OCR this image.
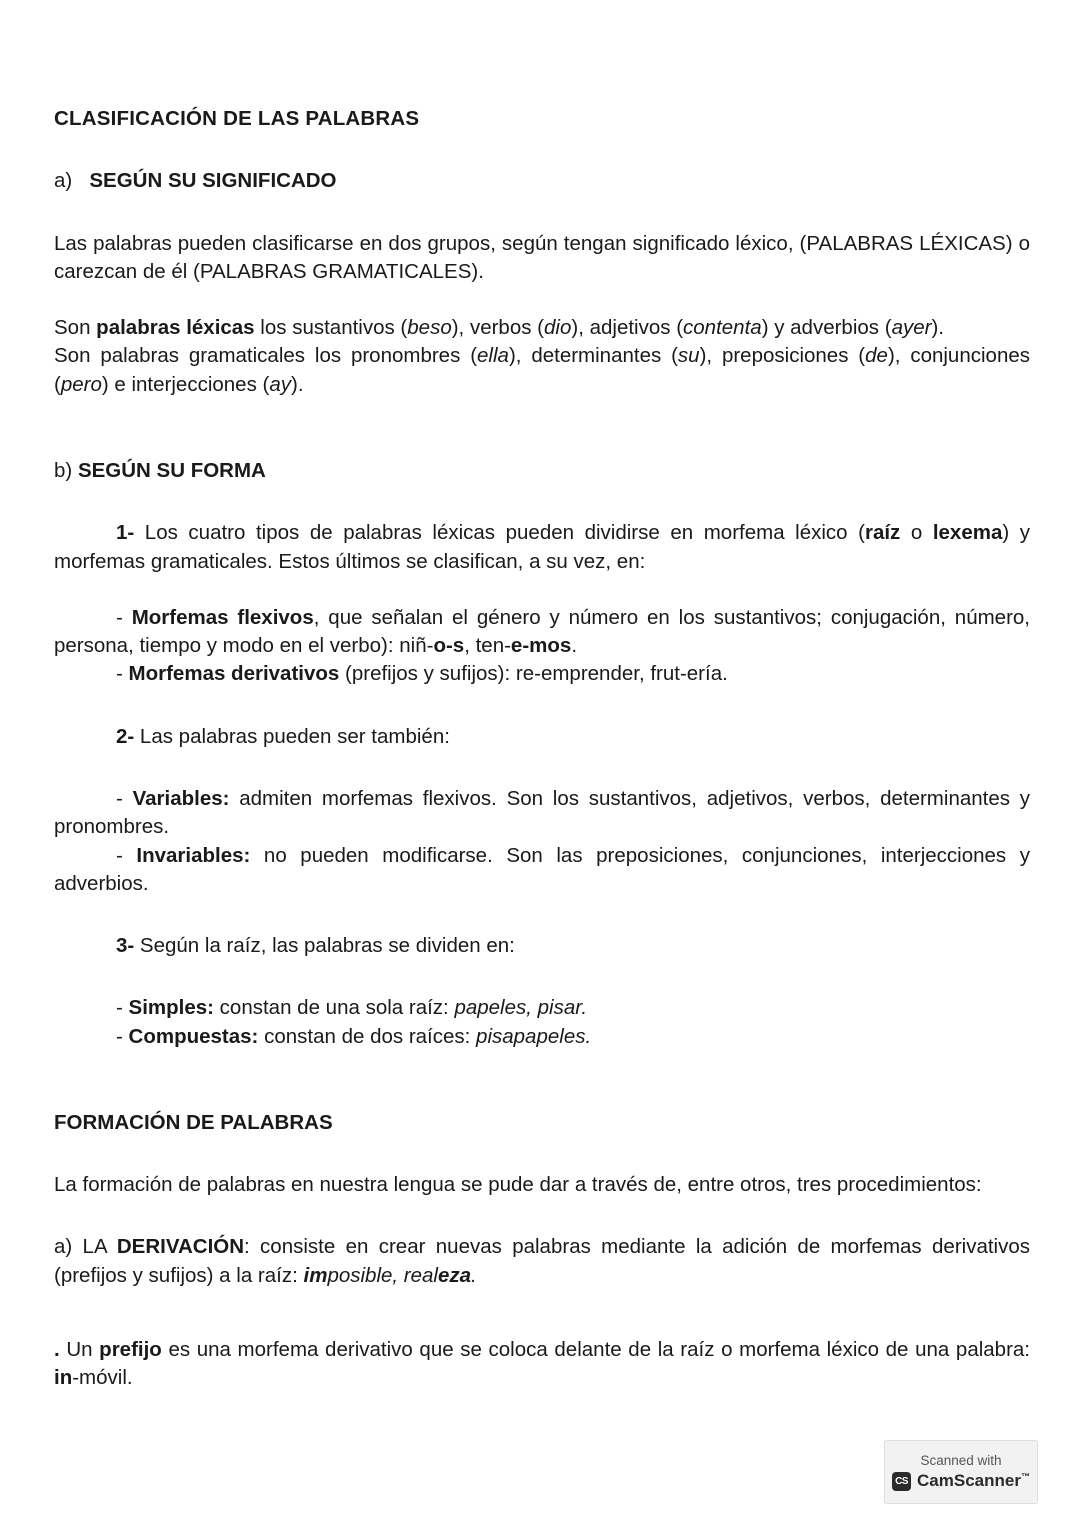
CLASIFICACIÓN DE LAS PALABRAS

a) SEGÚN SU SIGNIFICADO

Las palabras pueden clasificarse en dos grupos, según tengan significado léxico, (PALABRAS LÉXICAS) o carezcan de él (PALABRAS GRAMATICALES).

Son palabras léxicas los sustantivos (beso), verbos (dio), adjetivos (contenta) y adverbios (ayer).

Son palabras gramaticales los pronombres (ella), determinantes (su), preposiciones (de), conjunciones (pero) e interjecciones (ay).

b) SEGÚN SU FORMA

1- Los cuatro tipos de palabras léxicas pueden dividirse en morfema léxico (raíz o lexema) y morfemas gramaticales. Estos últimos se clasifican, a su vez, en:

- Morfemas flexivos, que señalan el género y número en los sustantivos; conjugación, número, persona, tiempo y modo en el verbo): niñ-o-s, ten-e-mos.

- Morfemas derivativos (prefijos y sufijos): re-emprender, frut-ería.

2- Las palabras pueden ser también:

- Variables: admiten morfemas flexivos. Son los sustantivos, adjetivos, verbos, determinantes y pronombres.

- Invariables: no pueden modificarse. Son las preposiciones, conjunciones, interjecciones y adverbios.

3- Según la raíz, las palabras se dividen en:

- Simples: constan de una sola raíz: papeles, pisar.

- Compuestas: constan de dos raíces: pisapapeles.

FORMACIÓN DE PALABRAS

La formación de palabras en nuestra lengua se pude dar a través de, entre otros, tres procedimientos:

a) LA DERIVACIÓN: consiste en crear nuevas palabras mediante la adición de morfemas derivativos (prefijos y sufijos) a la raíz: imposible, realeza.

. Un prefijo es una morfema derivativo que se coloca delante de la raíz o morfema léxico de una palabra: in-móvil.

Scanned with
CS CamScanner™
